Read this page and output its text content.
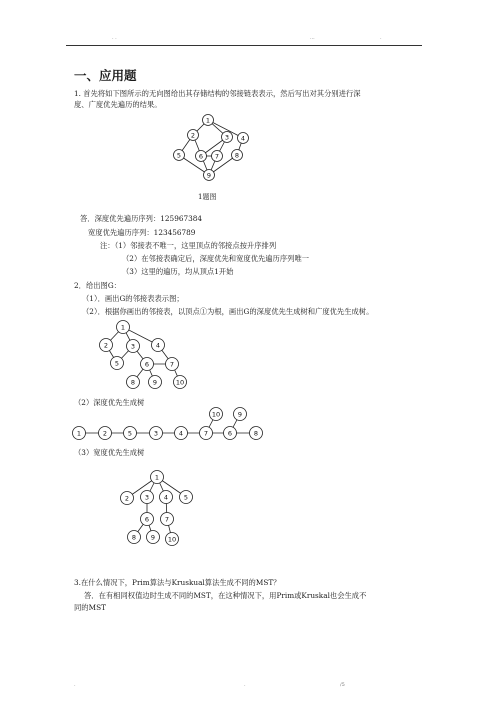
. .	...	.
一、应用题
1. 首先将如下图所示的无向图给出其存储结构的邻接链表表示，然后写出对其分别进行深
度、广度优先遍历的结果。
1
2	3 4
5	6 7 8
9
1题图
答．深度优先遍历序列：125967384
宽度优先遍历序列：123456789
注：（1）邻接表不唯一，这里顶点的邻接点按升序排列
（2）在邻接表确定后，深度优先和宽度优先遍历序列唯一
（3）这里的遍历，均从顶点1开始
2．给出图G：
（1）．画出G的邻接表表示图；
（2）．根据你画出的邻接表，以顶点①为根，画出G的深度优先生成树和广度优先生成树。
1
2	3	4
5	6	7
8	9	10
（2）深度优先生成树
1	2	5	3	4	7	6	8
10	9
（3）宽度优先生成树
1
2 3 4 5
6 7
8 9 10
3.在什么情况下，Prim算法与Kruskual算法生成不同的MST？
答．在有相同权值边时生成不同的MST，在这种情况下，用Prim或Kruskal也会生成不
同的MST
.	.	/5
